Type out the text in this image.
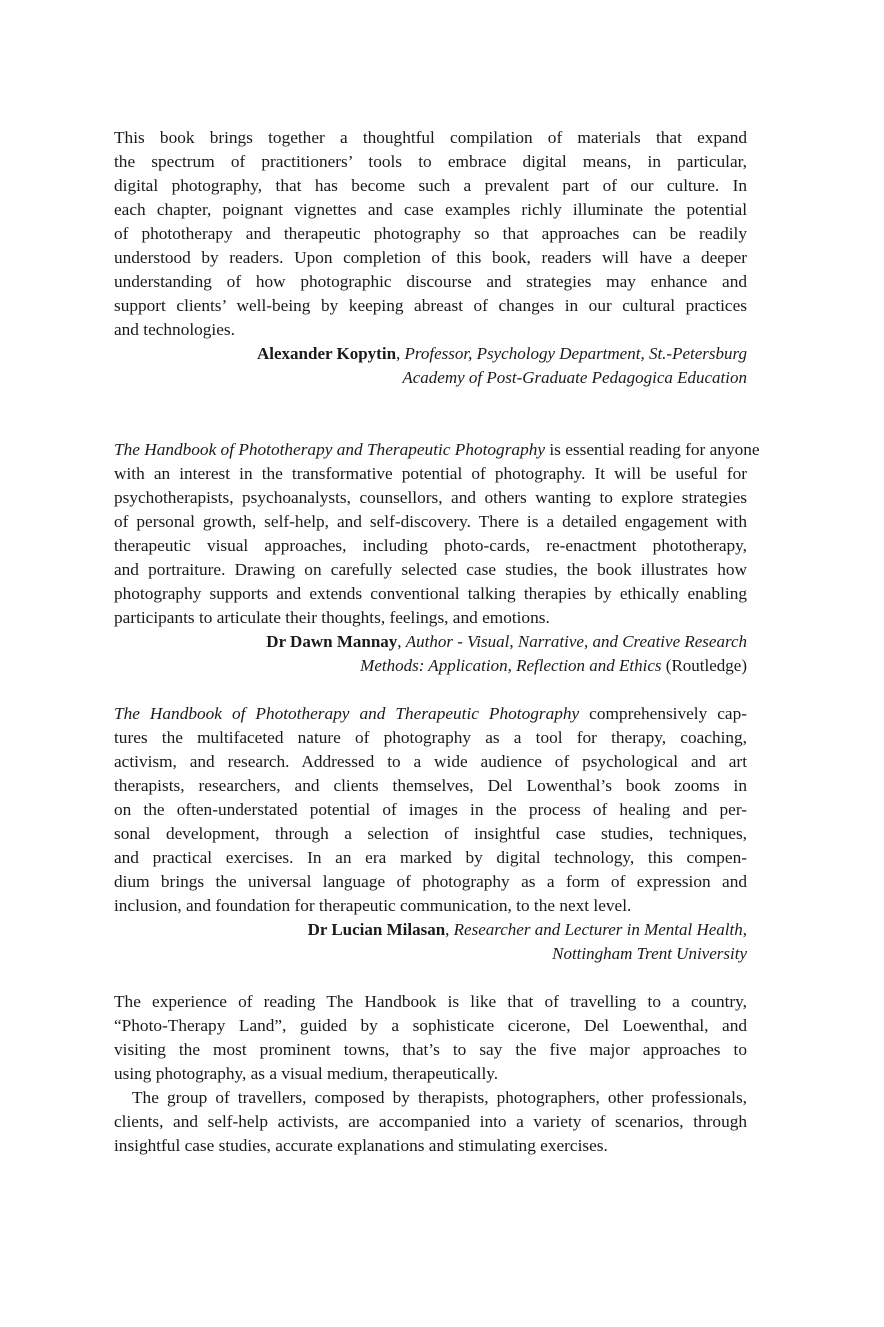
This book brings together a thoughtful compilation of materials that expand
the spectrum of practitioners’ tools to embrace digital means, in particular,
digital photography, that has become such a prevalent part of our culture. In
each chapter, poignant vignettes and case examples richly illuminate the potential
of phototherapy and therapeutic photography so that approaches can be readily
understood by readers. Upon completion of this book, readers will have a deeper
understanding of how photographic discourse and strategies may enhance and
support clients’ well-being by keeping abreast of changes in our cultural practices
and technologies.
Alexander Kopytin, Professor, Psychology Department, St.-Petersburg
Academy of Post-Graduate Pedagogica Education
The Handbook of Phototherapy and Therapeutic Photography is essential reading for anyone
with an interest in the transformative potential of photography. It will be useful for
psychotherapists, psychoanalysts, counsellors, and others wanting to explore strategies
of personal growth, self-help, and self-discovery. There is a detailed engagement with
therapeutic visual approaches, including photo-cards, re-enactment phototherapy,
and portraiture. Drawing on carefully selected case studies, the book illustrates how
photography supports and extends conventional talking therapies by ethically enabling
participants to articulate their thoughts, feelings, and emotions.
Dr Dawn Mannay, Author - Visual, Narrative, and Creative Research
Methods: Application, Reflection and Ethics (Routledge)
The Handbook of Phototherapy and Therapeutic Photography comprehensively cap-
tures the multifaceted nature of photography as a tool for therapy, coaching,
activism, and research. Addressed to a wide audience of psychological and art
therapists, researchers, and clients themselves, Del Lowenthal’s book zooms in
on the often-understated potential of images in the process of healing and per-
sonal development, through a selection of insightful case studies, techniques,
and practical exercises. In an era marked by digital technology, this compen-
dium brings the universal language of photography as a form of expression and
inclusion, and foundation for therapeutic communication, to the next level.
Dr Lucian Milasan, Researcher and Lecturer in Mental Health,
Nottingham Trent University
The experience of reading The Handbook is like that of travelling to a country,
“Photo-Therapy Land”, guided by a sophisticate cicerone, Del Loewenthal, and
visiting the most prominent towns, that’s to say the five major approaches to
using photography, as a visual medium, therapeutically.
The group of travellers, composed by therapists, photographers, other professionals,
clients, and self-help activists, are accompanied into a variety of scenarios, through
insightful case studies, accurate explanations and stimulating exercises.
